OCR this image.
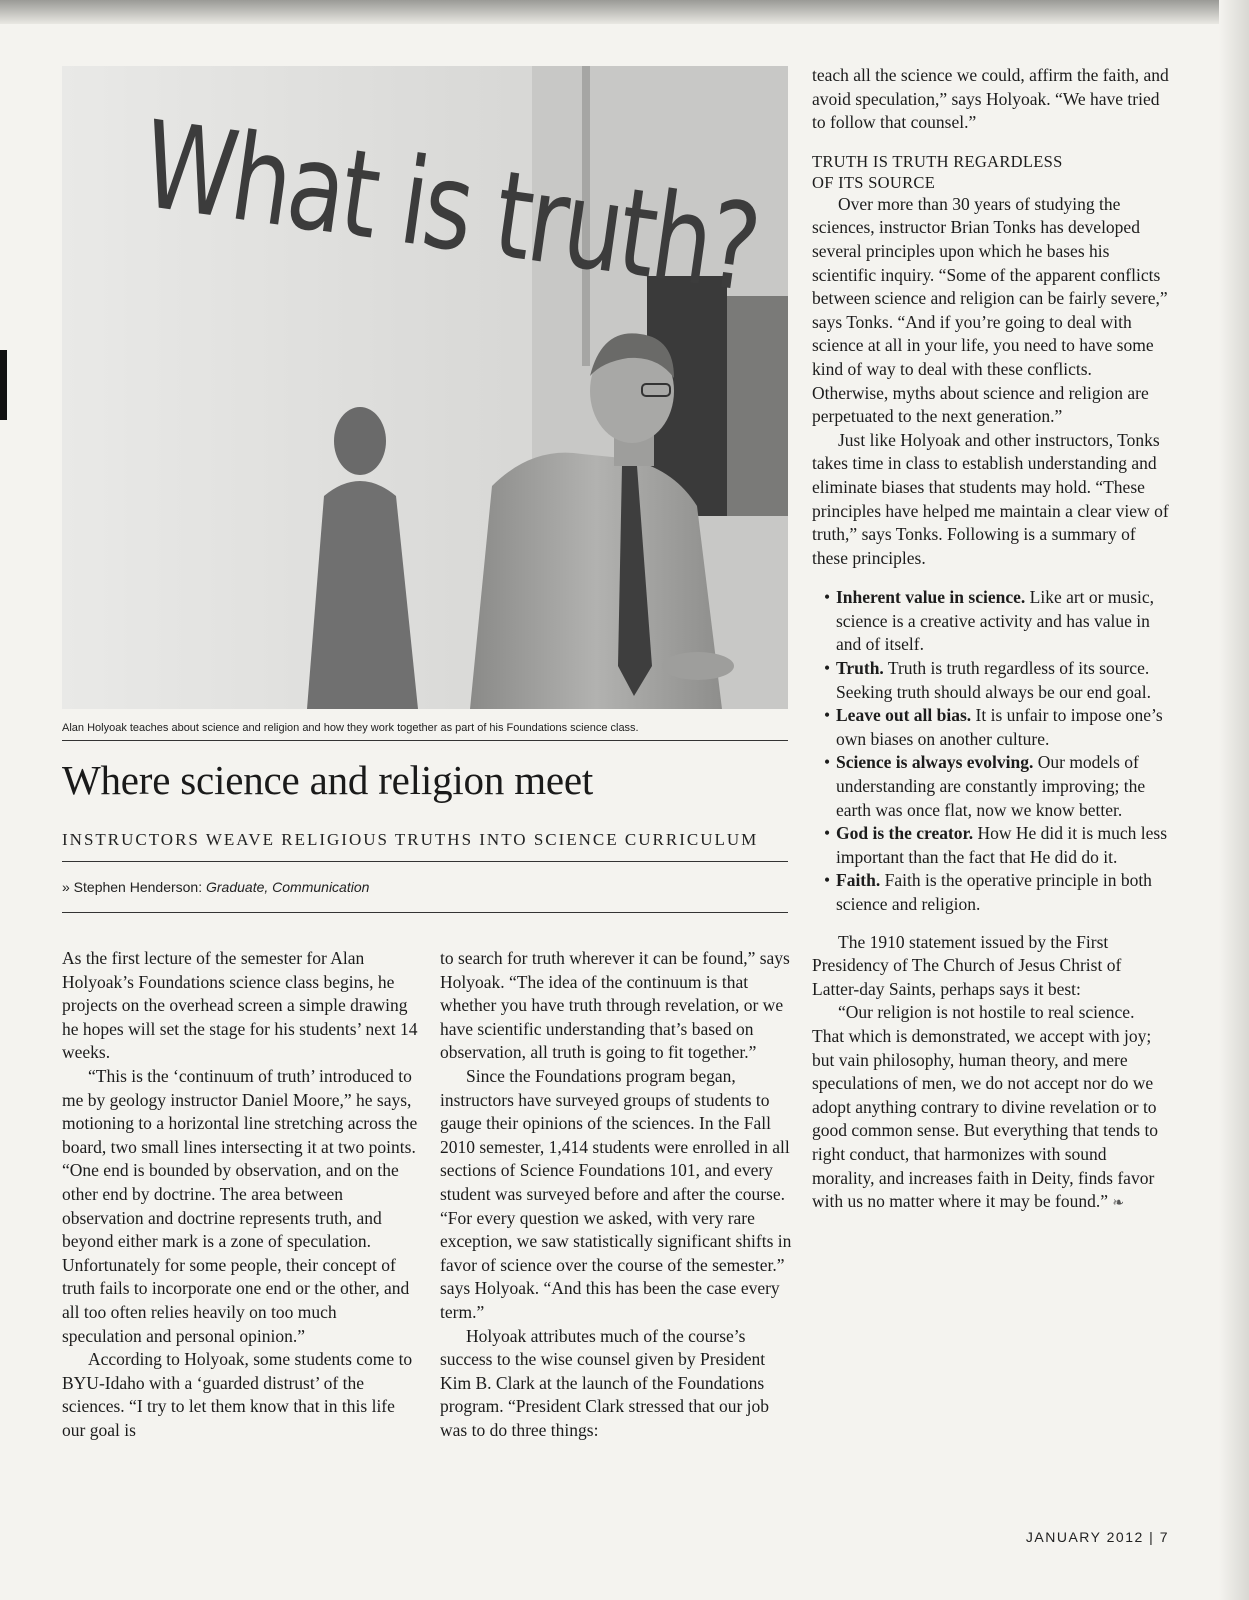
What is truth?
Alan Holyoak teaches about science and religion and how they work together as part of his Foundations science class.
Where science and religion meet
INSTRUCTORS WEAVE RELIGIOUS TRUTHS INTO SCIENCE CURRICULUM
» Stephen Henderson: Graduate, Communication

As the first lecture of the semester for Alan Holyoak’s Foundations science class begins, he projects on the overhead screen a simple drawing he hopes will set the stage for his students’ next 14 weeks.

“This is the ‘continuum of truth’ introduced to me by geology instructor Daniel Moore,” he says, motioning to a horizontal line stretching across the board, two small lines intersecting it at two points. “One end is bounded by observation, and on the other end by doctrine. The area between observation and doctrine represents truth, and beyond either mark is a zone of speculation. Unfortunately for some people, their concept of truth fails to incorporate one end or the other, and all too often relies heavily on too much speculation and personal opinion.”

According to Holyoak, some students come to BYU-Idaho with a ‘guarded distrust’ of the sciences. “I try to let them know that in this life our goal is

to search for truth wherever it can be found,” says Holyoak. “The idea of the continuum is that whether you have truth through revelation, or we have scientific understanding that’s based on observation, all truth is going to fit together.”

Since the Foundations program began, instructors have surveyed groups of students to gauge their opinions of the sciences. In the Fall 2010 semester, 1,414 students were enrolled in all sections of Science Foundations 101, and every student was surveyed before and after the course. “For every question we asked, with very rare exception, we saw statistically significant shifts in favor of science over the course of the semester.” says Holyoak. “And this has been the case every term.”

Holyoak attributes much of the course’s success to the wise counsel given by President Kim B. Clark at the launch of the Foundations program. “President Clark stressed that our job was to do three things:

teach all the science we could, affirm the faith, and avoid speculation,” says Holyoak. “We have tried to follow that counsel.”

TRUTH IS TRUTH REGARDLESS
OF ITS SOURCE

Over more than 30 years of studying the sciences, instructor Brian Tonks has developed several principles upon which he bases his scientific inquiry. “Some of the apparent conflicts between science and religion can be fairly severe,” says Tonks. “And if you’re going to deal with science at all in your life, you need to have some kind of way to deal with these conflicts. Otherwise, myths about science and religion are perpetuated to the next generation.”

Just like Holyoak and other instructors, Tonks takes time in class to establish understanding and eliminate biases that students may hold. “These principles have helped me maintain a clear view of truth,” says Tonks. Following is a summary of these principles.

• Inherent value in science. Like art or music, science is a creative activity and has value in and of itself.
• Truth. Truth is truth regardless of its source. Seeking truth should always be our end goal.
• Leave out all bias. It is unfair to impose one’s own biases on another culture.
• Science is always evolving. Our models of understanding are constantly improving; the earth was once flat, now we know better.
• God is the creator. How He did it is much less important than the fact that He did do it.
• Faith. Faith is the operative principle in both science and religion.

The 1910 statement issued by the First Presidency of The Church of Jesus Christ of Latter-day Saints, perhaps says it best:

“Our religion is not hostile to real science. That which is demonstrated, we accept with joy; but vain philosophy, human theory, and mere speculations of men, we do not accept nor do we adopt anything contrary to divine revelation or to good common sense. But everything that tends to right conduct, that harmonizes with sound morality, and increases faith in Deity, finds favor with us no matter where it may be found.” ❧

JANUARY 2012 | 7
